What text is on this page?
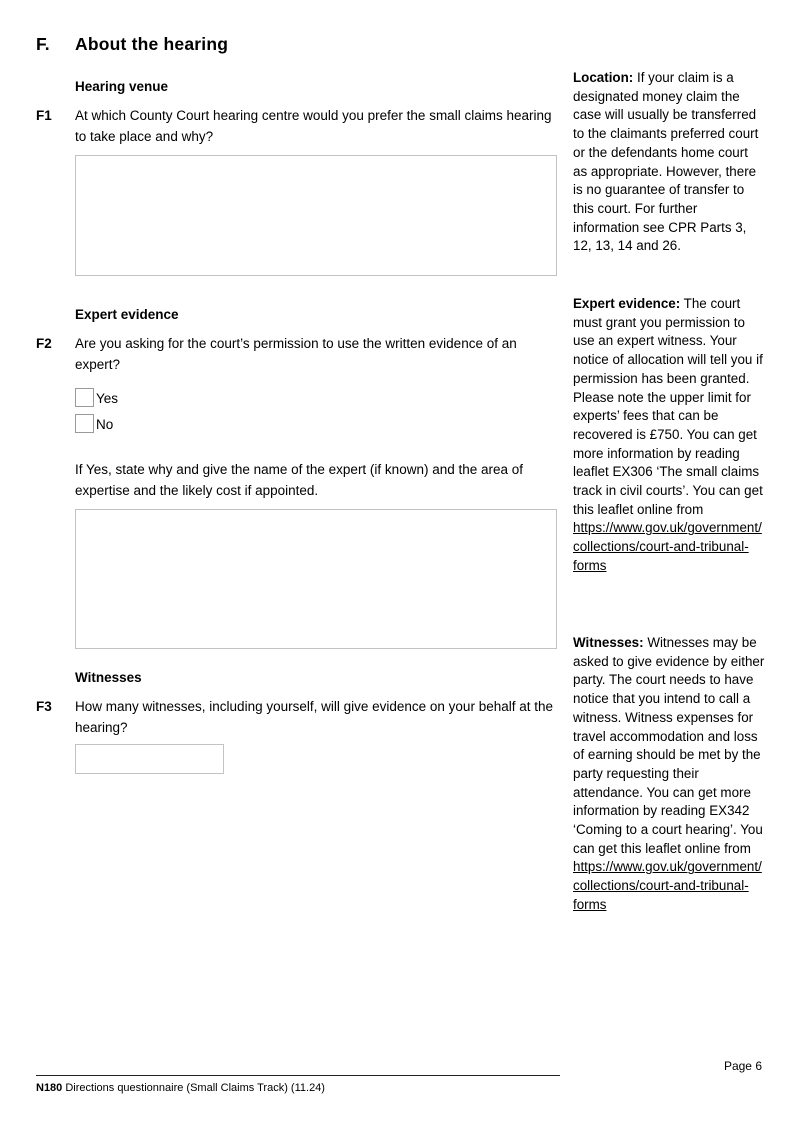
F.	About the hearing
Hearing venue
F1	At which County Court hearing centre would you prefer the small claims hearing to take place and why?

Expert evidence
F2	Are you asking for the court’s permission to use the written evidence of an expert?

Yes
No

If Yes, state why and give the name of the expert (if known) and the area of expertise and the likely cost if appointed.

Witnesses
F3	How many witnesses, including yourself, will give evidence on your behalf at the hearing?

Location: If your claim is a designated money claim the case will usually be transferred to the claimants preferred court or the defendants home court as appropriate. However, there is no guarantee of transfer to this court. For further information see CPR Parts 3, 12, 13, 14 and 26.
Expert evidence: The court must grant you permission to use an expert witness. Your notice of allocation will tell you if permission has been granted. Please note the upper limit for experts’ fees that can be recovered is £750. You can get more information by reading leaflet EX306 ‘The small claims track in civil courts’. You can get this leaflet online from https://www.gov.uk/government/collections/court-and-tribunal-forms
Witnesses: Witnesses may be asked to give evidence by either party. The court needs to have notice that you intend to call a witness. Witness expenses for travel accommodation and loss of earning should be met by the party requesting their attendance. You can get more information by reading EX342 ‘Coming to a court hearing’. You can get this leaflet online from https://www.gov.uk/government/collections/court-and-tribunal-forms
Page 6
N180 Directions questionnaire (Small Claims Track) (11.24)
